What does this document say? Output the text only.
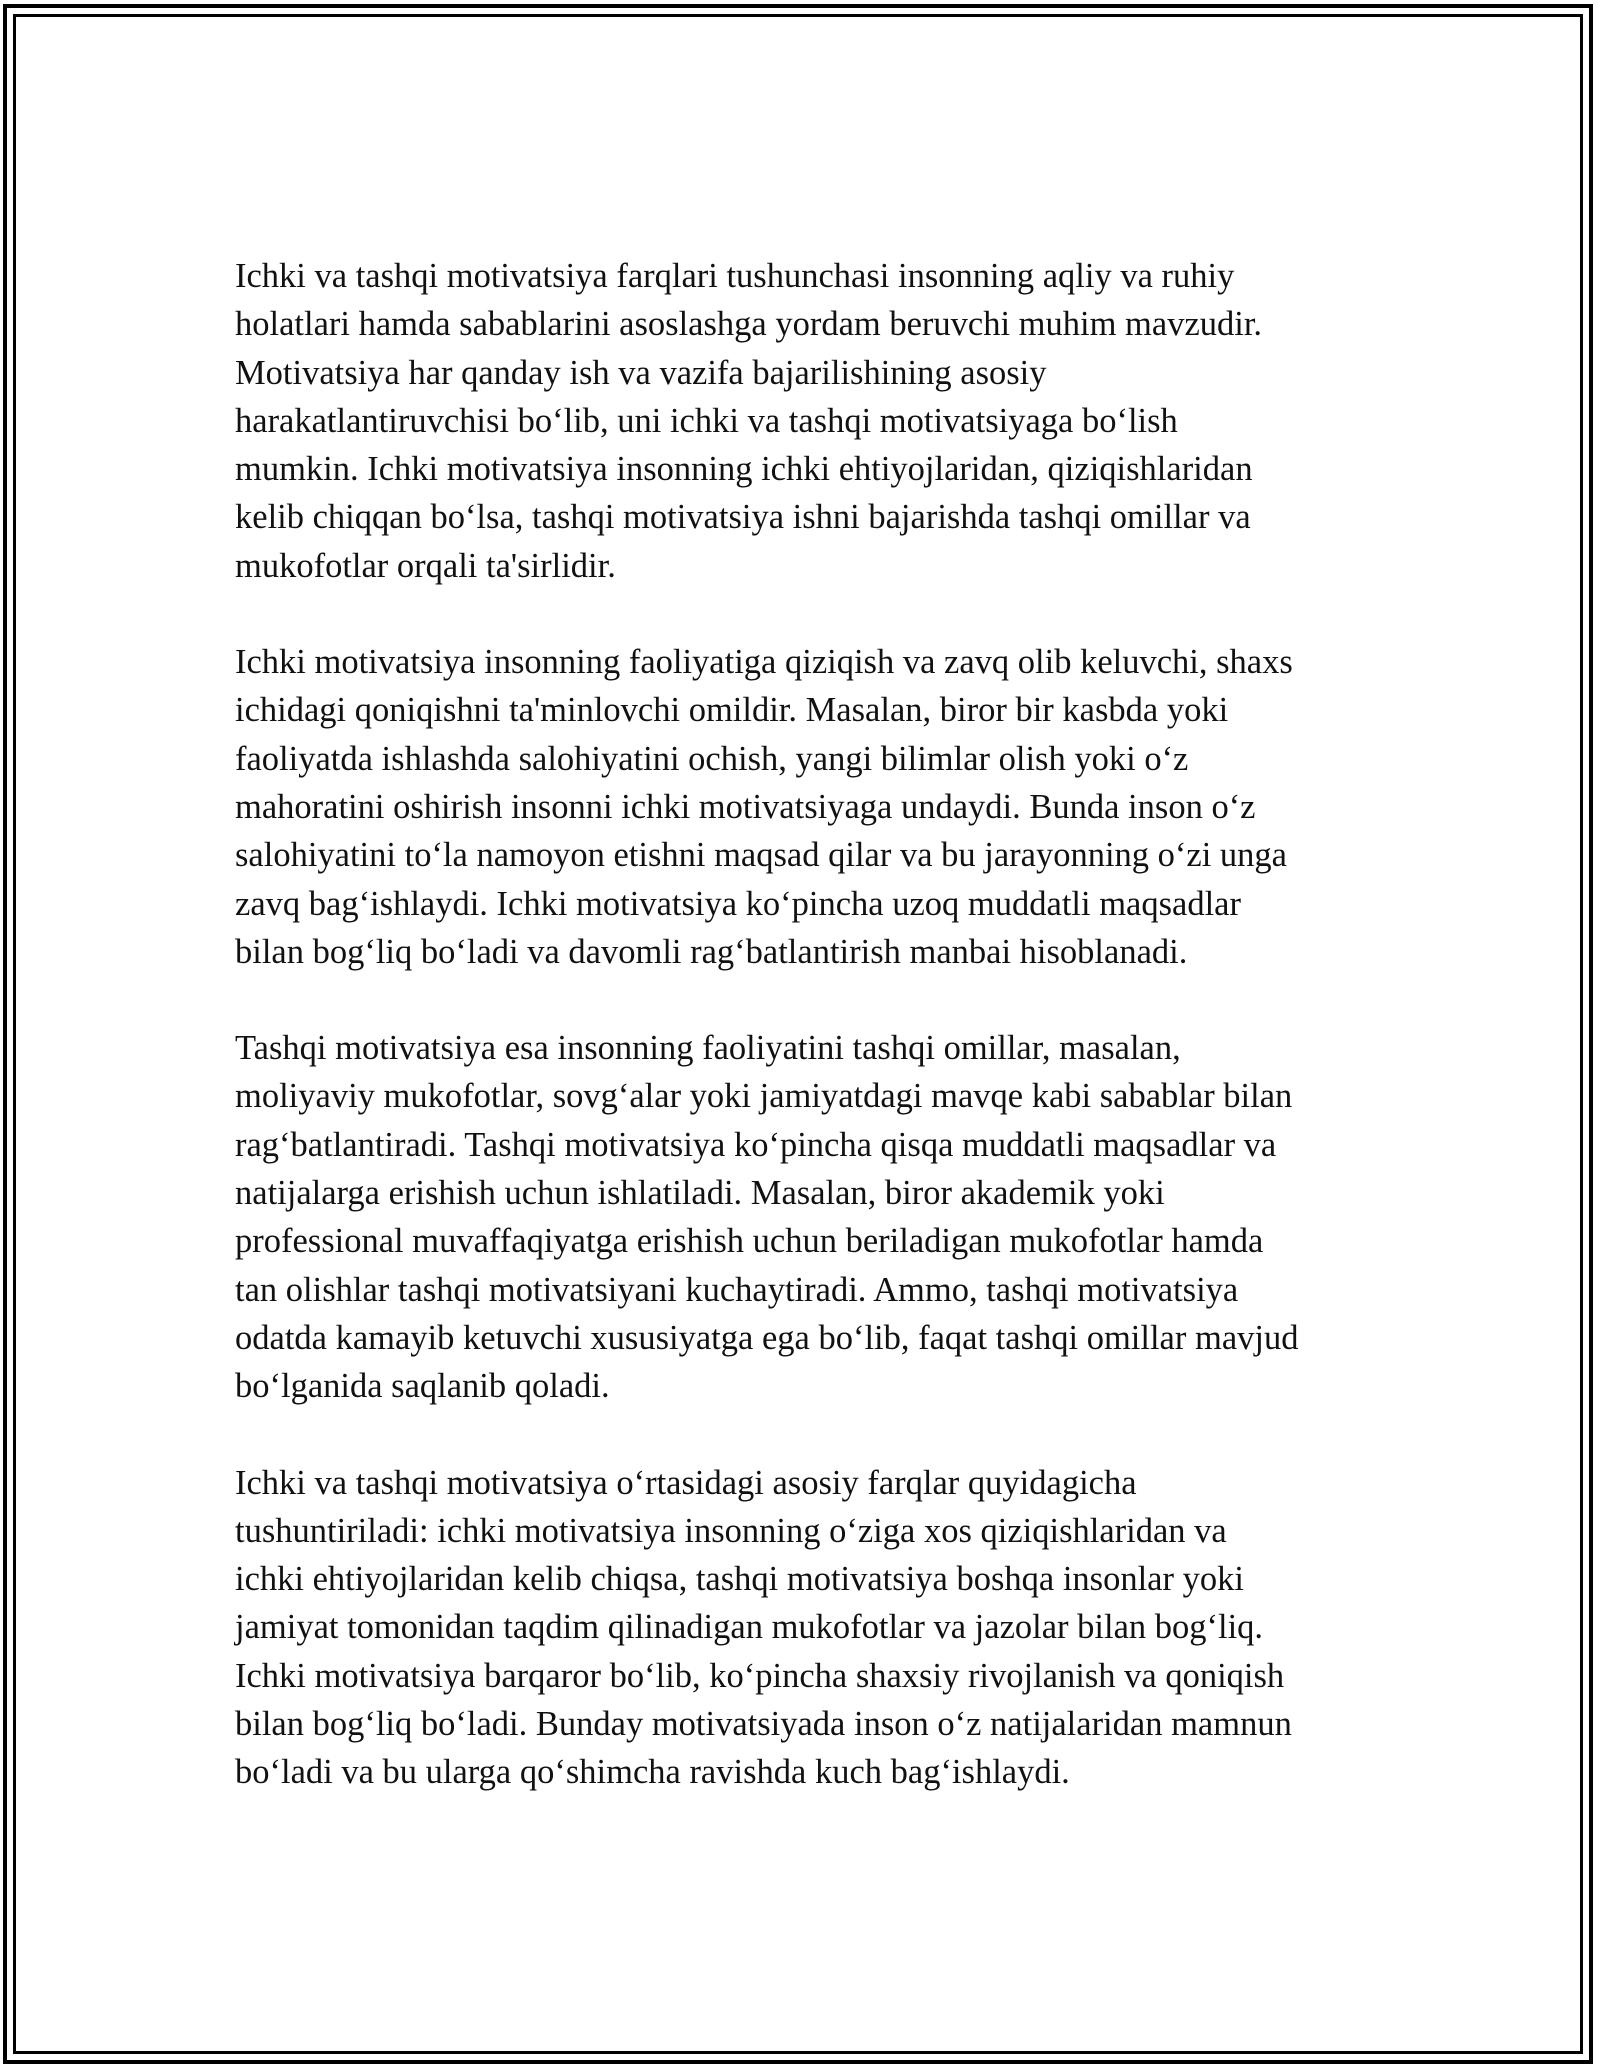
Ichki va tashqi motivatsiya farqlari tushunchasi insonning aqliy va ruhiy
holatlari hamda sabablarini asoslashga yordam beruvchi muhim mavzudir.
Motivatsiya har qanday ish va vazifa bajarilishining asosiy
harakatlantiruvchisi bo‘lib, uni ichki va tashqi motivatsiyaga bo‘lish
mumkin. Ichki motivatsiya insonning ichki ehtiyojlaridan, qiziqishlaridan
kelib chiqqan bo‘lsa, tashqi motivatsiya ishni bajarishda tashqi omillar va
mukofotlar orqali ta'sirlidir.

Ichki motivatsiya insonning faoliyatiga qiziqish va zavq olib keluvchi, shaxs
ichidagi qoniqishni ta'minlovchi omildir. Masalan, biror bir kasbda yoki
faoliyatda ishlashda salohiyatini ochish, yangi bilimlar olish yoki o‘z
mahoratini oshirish insonni ichki motivatsiyaga undaydi. Bunda inson o‘z
salohiyatini to‘la namoyon etishni maqsad qilar va bu jarayonning o‘zi unga
zavq bag‘ishlaydi. Ichki motivatsiya ko‘pincha uzoq muddatli maqsadlar
bilan bog‘liq bo‘ladi va davomli rag‘batlantirish manbai hisoblanadi.

Tashqi motivatsiya esa insonning faoliyatini tashqi omillar, masalan,
moliyaviy mukofotlar, sovg‘alar yoki jamiyatdagi mavqe kabi sabablar bilan
rag‘batlantiradi. Tashqi motivatsiya ko‘pincha qisqa muddatli maqsadlar va
natijalarga erishish uchun ishlatiladi. Masalan, biror akademik yoki
professional muvaffaqiyatga erishish uchun beriladigan mukofotlar hamda
tan olishlar tashqi motivatsiyani kuchaytiradi. Ammo, tashqi motivatsiya
odatda kamayib ketuvchi xususiyatga ega bo‘lib, faqat tashqi omillar mavjud
bo‘lganida saqlanib qoladi.

Ichki va tashqi motivatsiya o‘rtasidagi asosiy farqlar quyidagicha
tushuntiriladi: ichki motivatsiya insonning o‘ziga xos qiziqishlaridan va
ichki ehtiyojlaridan kelib chiqsa, tashqi motivatsiya boshqa insonlar yoki
jamiyat tomonidan taqdim qilinadigan mukofotlar va jazolar bilan bog‘liq.
Ichki motivatsiya barqaror bo‘lib, ko‘pincha shaxsiy rivojlanish va qoniqish
bilan bog‘liq bo‘ladi. Bunday motivatsiyada inson o‘z natijalaridan mamnun
bo‘ladi va bu ularga qo‘shimcha ravishda kuch bag‘ishlaydi.
